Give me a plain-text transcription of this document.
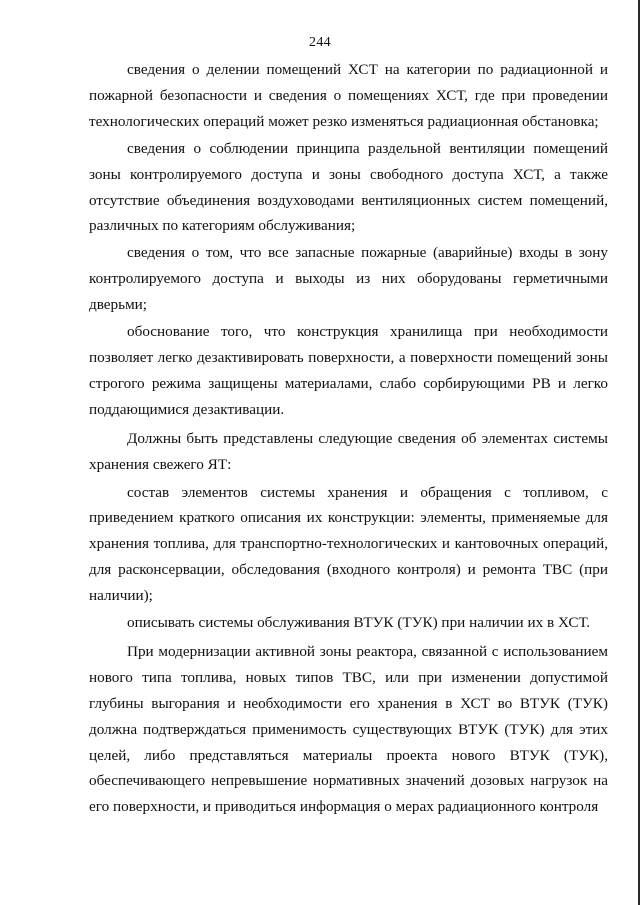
244

сведения о делении помещений ХСТ на категории по радиационной и пожарной безопасности и сведения о помещениях ХСТ, где при проведении технологических операций может резко изменяться радиационная обстановка;

сведения о соблюдении принципа раздельной вентиляции помещений зоны контролируемого доступа и зоны свободного доступа ХСТ, а также отсутствие объединения воздуховодами вентиляционных систем помещений, различных по категориям обслуживания;

сведения о том, что все запасные пожарные (аварийные) входы в зону контролируемого доступа и выходы из них оборудованы герметичными дверьми;

обоснование того, что конструкция хранилища при необходимости позволяет легко дезактивировать поверхности, а поверхности помещений зоны строгого режима защищены материалами, слабо сорбирующими РВ и легко поддающимися дезактивации.

Должны быть представлены следующие сведения об элементах системы хранения свежего ЯТ:

состав элементов системы хранения и обращения с топливом, с приведением краткого описания их конструкции: элементы, применяемые для хранения топлива, для транспортно-технологических и кантовочных операций, для расконсервации, обследования (входного контроля) и ремонта ТВС (при наличии);

описывать системы обслуживания ВТУК (ТУК) при наличии их в ХСТ.

При модернизации активной зоны реактора, связанной с использованием нового типа топлива, новых типов ТВС, или при изменении допустимой глубины выгорания и необходимости его хранения в ХСТ во ВТУК (ТУК) должна подтверждаться применимость существующих ВТУК (ТУК) для этих целей, либо представляться материалы проекта нового ВТУК (ТУК), обеспечивающего непревышение нормативных значений дозовых нагрузок на его поверхности, и приводиться информация о мерах радиационного контроля
